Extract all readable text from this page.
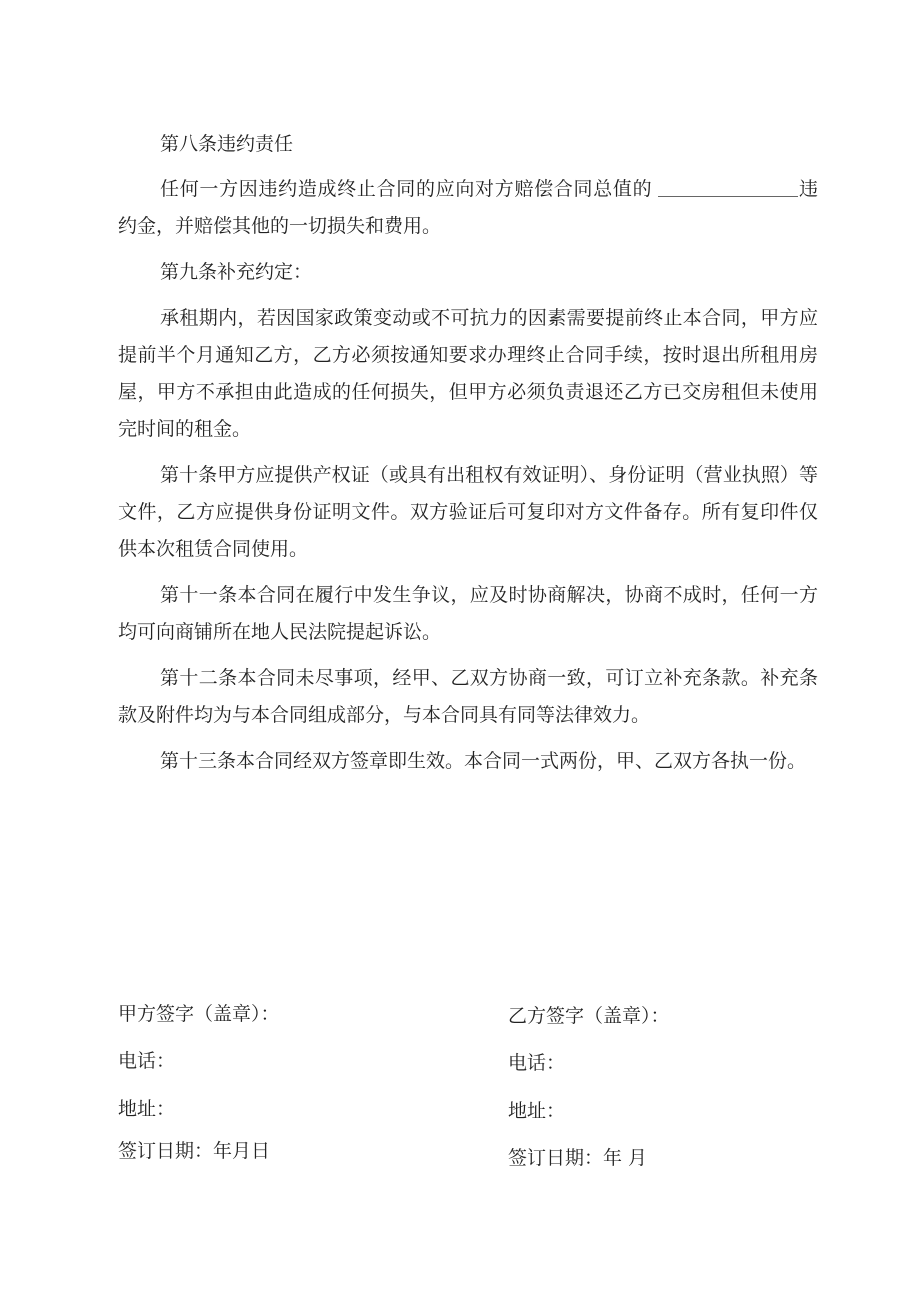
第八条违约责任

任何一方因违约造成终止合同的应向对方赔偿合同总值的	违约金，并赔偿其他的一切损失和费用。

第九条补充约定：

承租期内，若因国家政策变动或不可抗力的因素需要提前终止本合同，甲方应提前半个月通知乙方，乙方必须按通知要求办理终止合同手续，按时退出所租用房屋，甲方不承担由此造成的任何损失，但甲方必须负责退还乙方已交房租但未使用完时间的租金。

第十条甲方应提供产权证（或具有出租权有效证明）、身份证明（营业执照）等文件，乙方应提供身份证明文件。双方验证后可复印对方文件备存。所有复印件仅供本次租赁合同使用。

第十一条本合同在履行中发生争议，应及时协商解决，协商不成时，任何一方均可向商铺所在地人民法院提起诉讼。

第十二条本合同未尽事项，经甲、乙双方协商一致，可订立补充条款。补充条款及附件均为与本合同组成部分，与本合同具有同等法律效力。

第十三条本合同经双方签章即生效。本合同一式两份，甲、乙双方各执一份。

甲方签字（盖章）：
电话：
地址：
签订日期：年月日
乙方签字（盖章）：
电话：
地址：
签订日期：年 月
